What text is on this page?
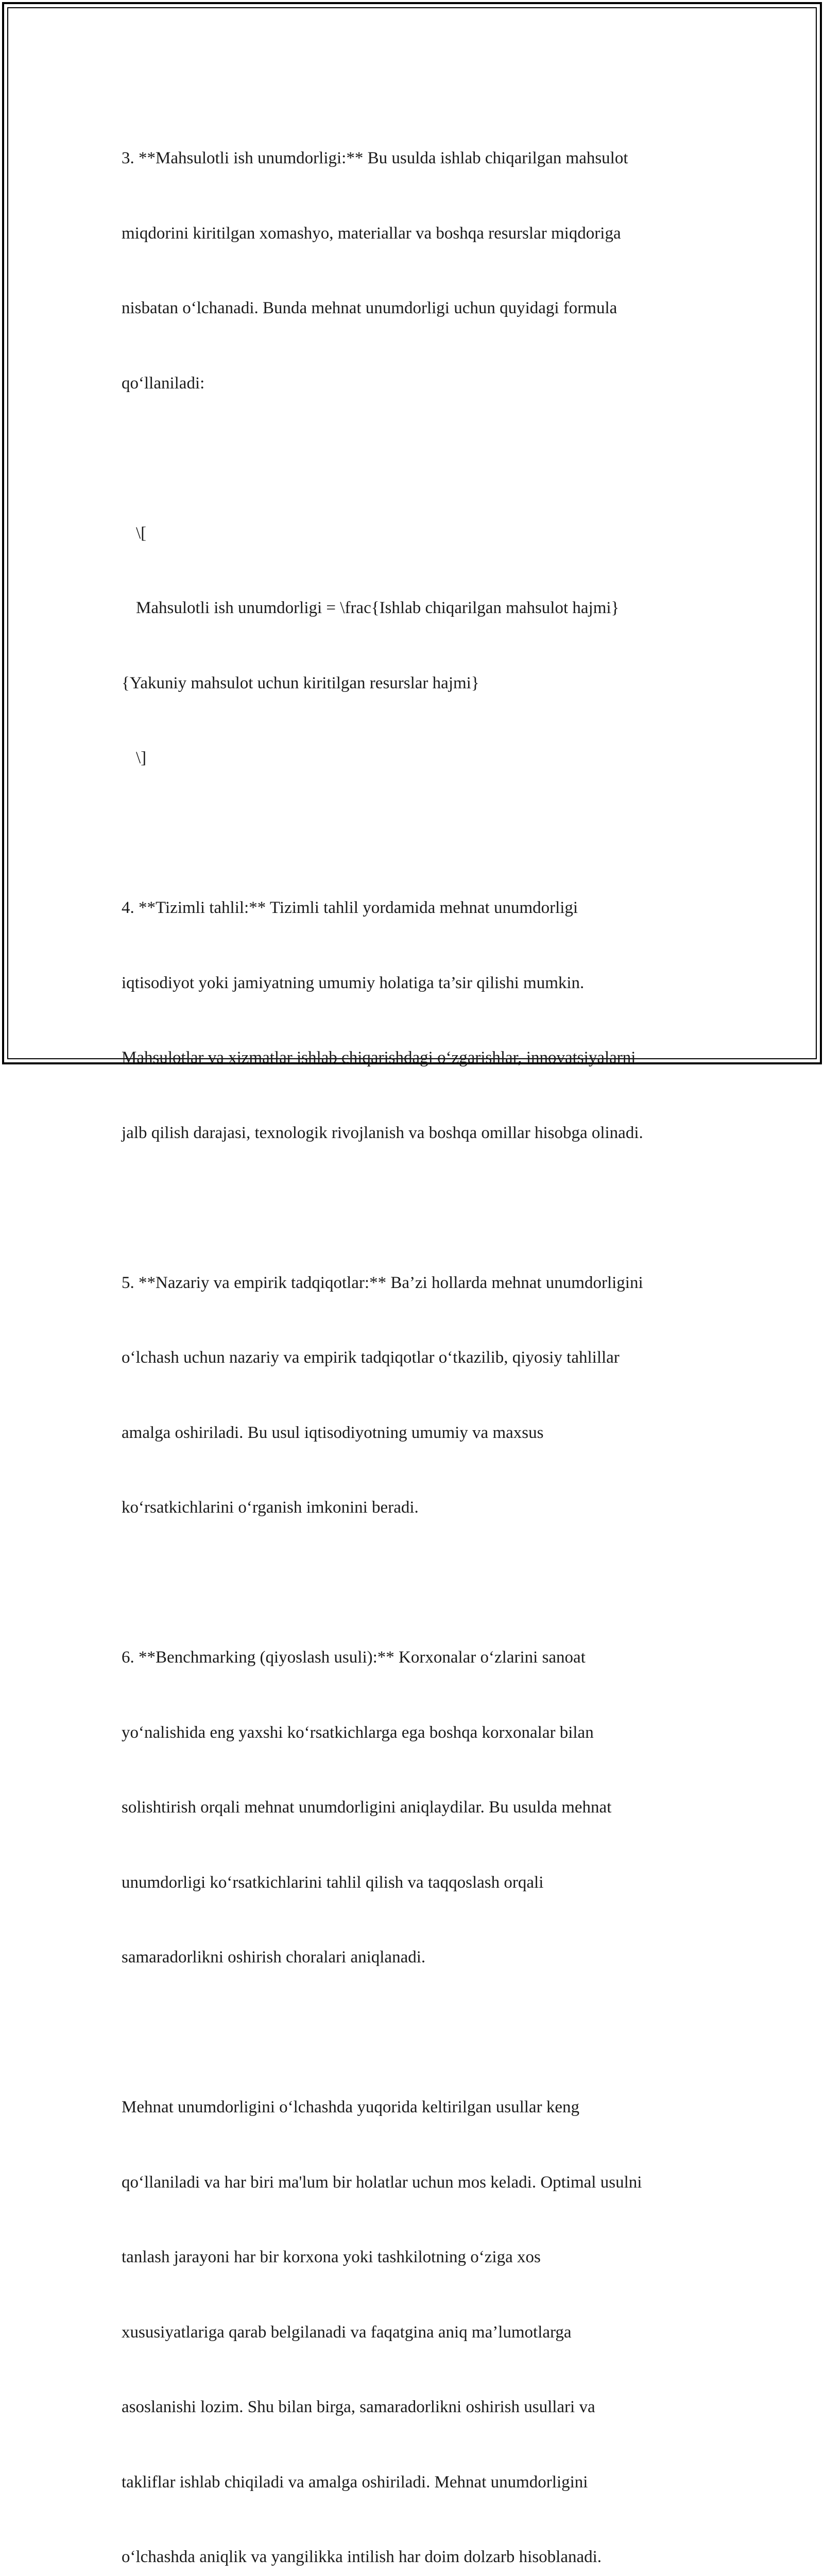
3. **Mahsulotli ish unumdorligi:** Bu usulda ishlab chiqarilgan mahsulot

miqdorini kiritilgan xomashyo, materiallar va boshqa resurslar miqdoriga

nisbatan o‘lchanadi. Bunda mehnat unumdorligi uchun quyidagi formula

qo‘llaniladi:

\[

Mahsulotli ish unumdorligi = \frac{Ishlab chiqarilgan mahsulot hajmi}

{Yakuniy mahsulot uchun kiritilgan resurslar hajmi}

\]

4. **Tizimli tahlil:** Tizimli tahlil yordamida mehnat unumdorligi

iqtisodiyot yoki jamiyatning umumiy holatiga ta’sir qilishi mumkin.

Mahsulotlar va xizmatlar ishlab chiqarishdagi o‘zgarishlar, innovatsiyalarni

jalb qilish darajasi, texnologik rivojlanish va boshqa omillar hisobga olinadi.

5. **Nazariy va empirik tadqiqotlar:** Ba’zi hollarda mehnat unumdorligini

o‘lchash uchun nazariy va empirik tadqiqotlar o‘tkazilib, qiyosiy tahlillar

amalga oshiriladi. Bu usul iqtisodiyotning umumiy va maxsus

ko‘rsatkichlarini o‘rganish imkonini beradi.

6. **Benchmarking (qiyoslash usuli):** Korxonalar o‘zlarini sanoat

yo‘nalishida eng yaxshi ko‘rsatkichlarga ega boshqa korxonalar bilan

solishtirish orqali mehnat unumdorligini aniqlaydilar. Bu usulda mehnat

unumdorligi ko‘rsatkichlarini tahlil qilish va taqqoslash orqali

samaradorlikni oshirish choralari aniqlanadi.

Mehnat unumdorligini o‘lchashda yuqorida keltirilgan usullar keng

qo‘llaniladi va har biri ma'lum bir holatlar uchun mos keladi. Optimal usulni

tanlash jarayoni har bir korxona yoki tashkilotning o‘ziga xos

xususiyatlariga qarab belgilanadi va faqatgina aniq ma’lumotlarga

asoslanishi lozim. Shu bilan birga, samaradorlikni oshirish usullari va

takliflar ishlab chiqiladi va amalga oshiriladi. Mehnat unumdorligini

o‘lchashda aniqlik va yangilikka intilish har doim dolzarb hisoblanadi.
